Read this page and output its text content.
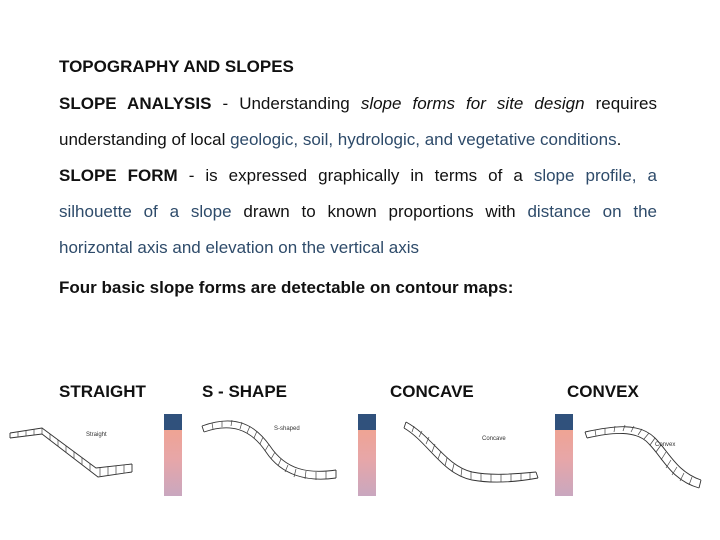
TOPOGRAPHY AND SLOPES

SLOPE ANALYSIS - Understanding slope forms for site design requires understanding of local geologic, soil, hydrologic, and vegetative conditions.

SLOPE FORM - is expressed graphically in terms of a slope profile, a silhouette of a slope drawn to known proportions with distance on the horizontal axis and elevation on the vertical axis

Four basic slope forms are detectable on contour maps:
STRAIGHT	S - SHAPE	CONCAVE	CONVEX
Straight
S-shaped
Concave
Convex
